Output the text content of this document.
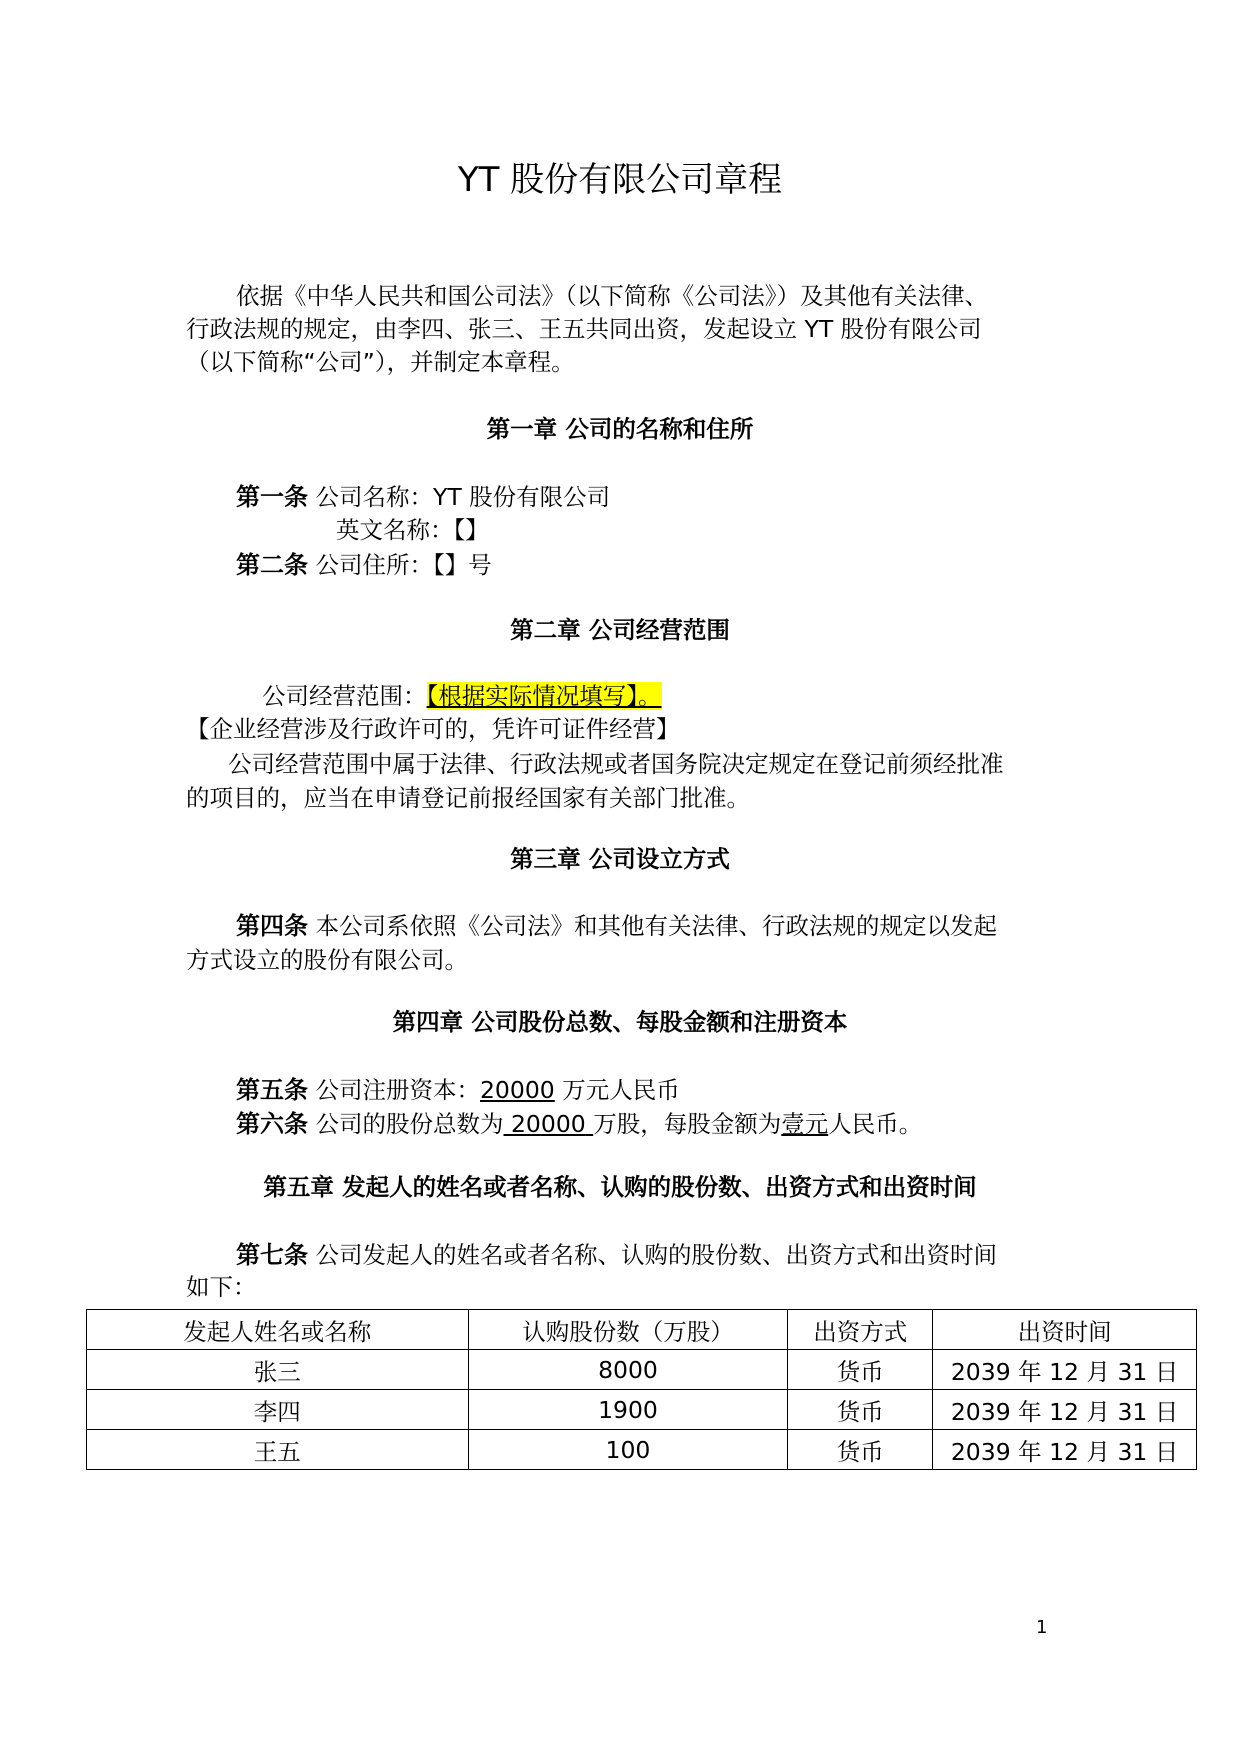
YT 股份有限公司章程
依据《中华人民共和国公司法》（以下简称《公司法》）及其他有关法律、
行政法规的规定，由李四、张三、王五共同出资，发起设立 YT 股份有限公司
（以下简称“公司”），并制定本章程。
第一章 公司的名称和住所
第一条 公司名称：YT 股份有限公司
英文名称：【】
第二条 公司住所：【】号
第二章 公司经营范围
公司经营范围：【根据实际情况填写】。
【企业经营涉及行政许可的，凭许可证件经营】
公司经营范围中属于法律、行政法规或者国务院决定规定在登记前须经批准
的项目的，应当在申请登记前报经国家有关部门批准。
第三章 公司设立方式
第四条 本公司系依照《公司法》和其他有关法律、行政法规的规定以发起
方式设立的股份有限公司。
第四章 公司股份总数、每股金额和注册资本
第五条 公司注册资本：20000 万元人民币
第六条 公司的股份总数为 20000 万股，每股金额为壹元人民币。
第五章 发起人的姓名或者名称、认购的股份数、出资方式和出资时间
第七条 公司发起人的姓名或者名称、认购的股份数、出资方式和出资时间
如下：
发起人姓名或名称	认购股份数（万股）	出资方式	出资时间
张三	8000	货币	2039 年 12 月 31 日
李四	1900	货币	2039 年 12 月 31 日
王五	100	货币	2039 年 12 月 31 日
1
